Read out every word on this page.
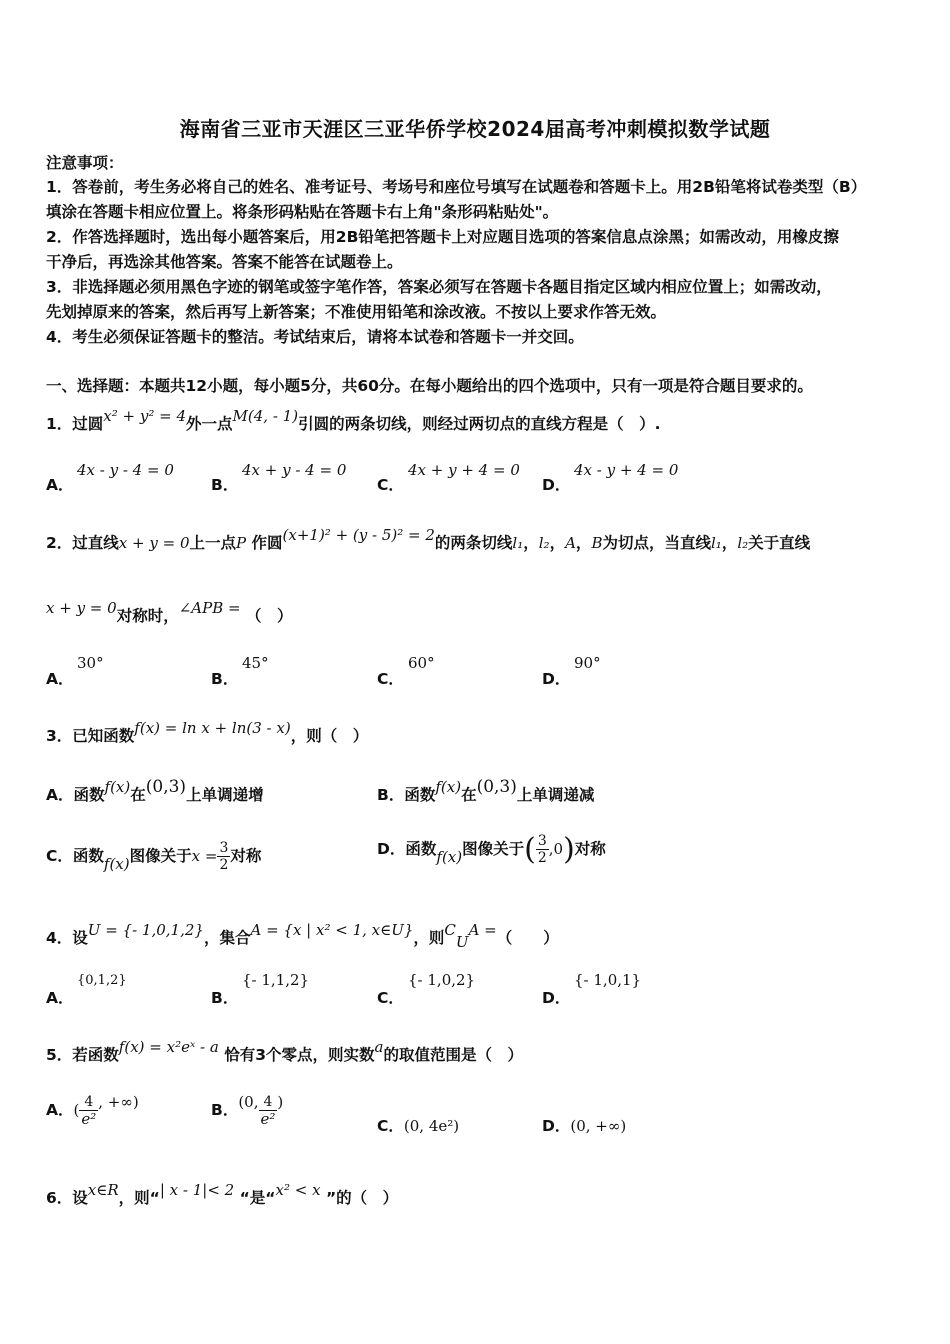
海南省三亚市天涯区三亚华侨学校2024届高考冲刺模拟数学试题
注意事项：
1．答卷前，考生务必将自己的姓名、准考证号、考场号和座位号填写在试题卷和答题卡上。用2B铅笔将试卷类型（B）
填涂在答题卡相应位置上。将条形码粘贴在答题卡右上角"条形码粘贴处"。
2．作答选择题时，选出每小题答案后，用2B铅笔把答题卡上对应题目选项的答案信息点涂黑；如需改动，用橡皮擦
干净后，再选涂其他答案。答案不能答在试题卷上。
3．非选择题必须用黑色字迹的钢笔或签字笔作答，答案必须写在答题卡各题目指定区域内相应位置上；如需改动，
先划掉原来的答案，然后再写上新答案；不准使用铅笔和涂改液。不按以上要求作答无效。
4．考生必须保证答题卡的整洁。考试结束后，请将本试卷和答题卡一并交回。
一、选择题：本题共12小题，每小题5分，共60分。在每小题给出的四个选项中，只有一项是符合题目要求的。
1．过圆x² + y² = 4外一点M(4, - 1)引圆的两条切线，则经过两切点的直线方程是（　）.
A．
4x - y - 4 = 0
B．
4x + y - 4 = 0
C．
4x + y + 4 = 0
D．
4x - y + 4 = 0
2．过直线x + y = 0上一点P 作圆(x+1)² + (y - 5)² = 2的两条切线l₁，l₂，A，B为切点，当直线l₁，l₂关于直线
x + y = 0对称时，∠APB = （　）
A．
30°
B．
45°
C．
60°
D．
90°
3．已知函数f(x) = ln x + ln(3 - x)，则（　）
A．函数f(x)在(0,3)上单调递增	B．函数f(x)在(0,3)上单调递减
C．函数f(x)图像关于$x = \frac{3}{2}$ 对称	D．函数f(x)图像关于( $\frac{3}{2} ,0$)对称
4．设U = {- 1,0,1,2}，集合A = {x | x² < 1, x∈U}，则$C_UA$ =（　　）
A．
{0,1,2}
B．
{- 1,1,2}
C．
{- 1,0,2}
D．
{- 1,0,1}
5．若函数f(x) = x²eˣ - a 恰有3个零点，则实数a的取值范围是（　）
A．( $\frac{4}{\text{e²}}$ , +∞)	B．(0, $\frac{4}{\text{e²}}$ )
C．(0, 4e²)	D．(0, +∞)
6．设x∈R，则“| x - 1|< 2 “是“x² < x ”的（　）
